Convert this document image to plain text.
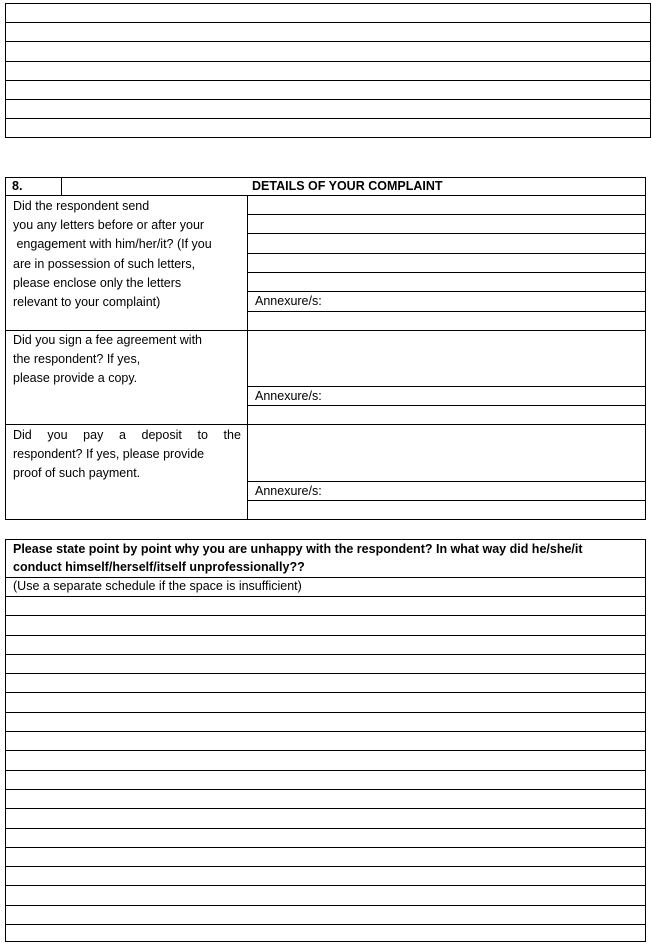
8.	DETAILS OF YOUR COMPLAINT
Did the respondent send
you any letters before or after your
engagement with him/her/it? (If you
are in possession of such letters,
please enclose only the letters
relevant to your complaint)	Annexure/s:
Did you sign a fee agreement with
the respondent? If yes,
please provide a copy.
Annexure/s:
Did you pay a deposit to the
respondent? If yes, please provide
proof of such payment.
Annexure/s:
Please state point by point why you are unhappy with the respondent? In what way did he/she/it
conduct himself/herself/itself unprofessionally??
(Use a separate schedule if the space is insufficient)
